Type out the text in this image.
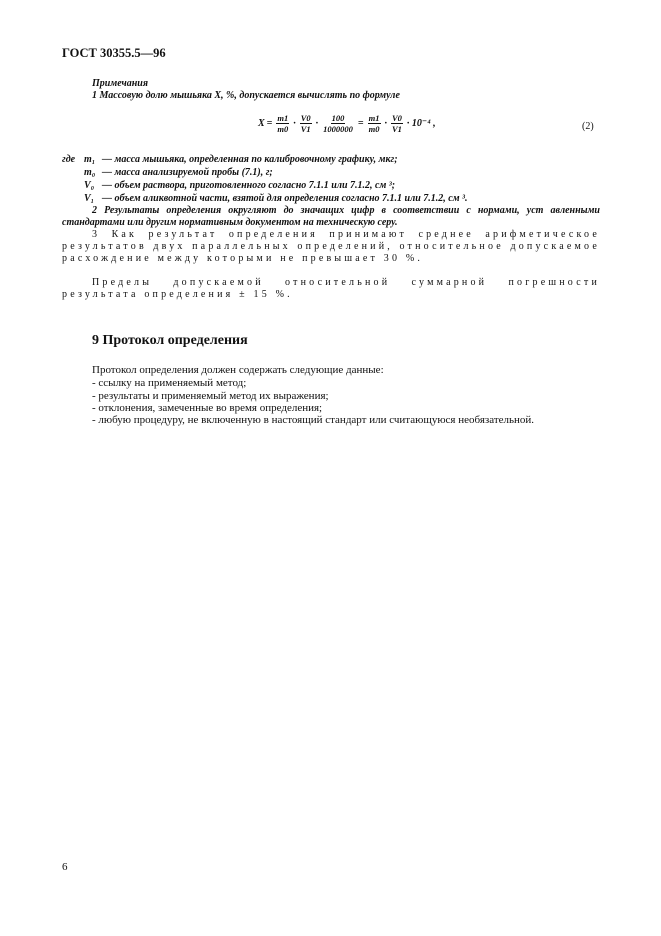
ГОСТ 30355.5—96
Примечания
1 Массовую долю мышьяка X, %, допускается вычислять по формуле
$X = \frac{m1}{m0} \cdot \frac{V0}{V1} \cdot \frac{100}{1000000} = \frac{m1}{m0} \cdot \frac{V0}{V1} \cdot 10^{-4}$ ,	(2)
где m₁ — масса мышьяка, определенная по калибровочному графику, мкг;
m₀ — масса анализируемой пробы (7.1), г;
V₀ — объем раствора, приготовленного согласно 7.1.1 или 7.1.2, см ³;
V₁ — объем аликвотной части, взятой для определения согласно 7.1.1 или 7.1.2, см ³.
2 Результаты определения округляют до значащих цифр в соответствии с нормами, уст авленными стандартами или другим нормативным документом на техническую серу.
3 Как результат определения принимают среднее арифметическое результатов двух параллельных определений, относительное допускаемое расхождение между которыми не превышает 30 %.
Пределы допускаемой относительной суммарной погрешности результата определения ± 15 %.
9 Протокол определения
Протокол определения должен содержать следующие данные:
- ссылку на применяемый метод;
- результаты и применяемый метод их выражения;
- отклонения, замеченные во время определения;
- любую процедуру, не включенную в настоящий стандарт или считающуюся необязательной.
6
